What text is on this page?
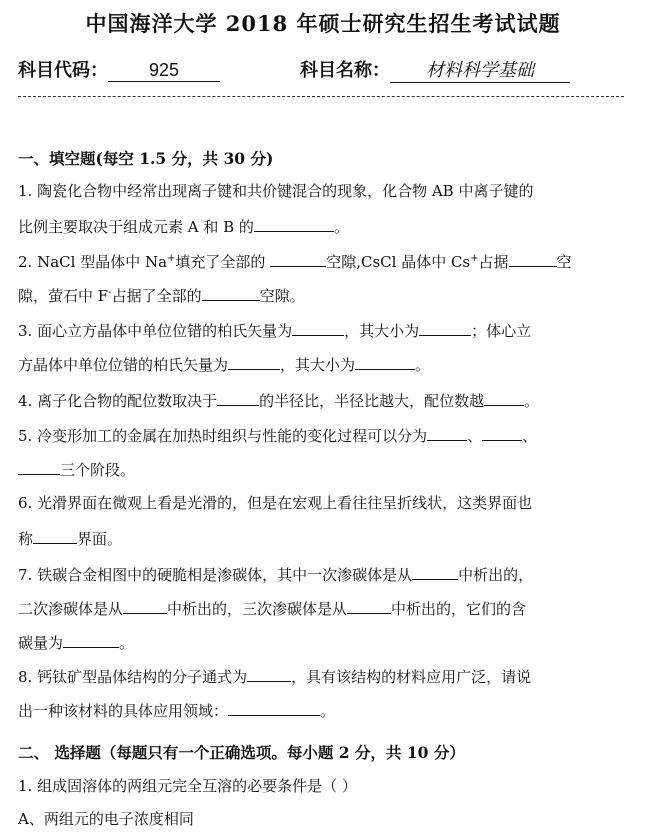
中国海洋大学 2018 年硕士研究生招生考试试题
科目代码： 925	科目名称： 材料科学基础
一、填空题(每空 1.5 分，共 30 分)
1. 陶瓷化合物中经常出现离子键和共价键混合的现象，化合物 AB 中离子键的
比例主要取决于组成元素 A 和 B 的	。
2. NaCl 型晶体中 Na+填充了全部的	空隙,CsCl 晶体中 Cs+占据	空
隙，萤石中 F-占据了全部的	空隙。
3. 面心立方晶体中单位位错的柏氏矢量为	，其大小为	；体心立
方晶体中单位位错的柏氏矢量为	，其大小为	。
4. 离子化合物的配位数取决于	的半径比，半径比越大，配位数越	。
5. 冷变形加工的金属在加热时组织与性能的变化过程可以分为	、	、
三个阶段。
6. 光滑界面在微观上看是光滑的，但是在宏观上看往往呈折线状，这类界面也
称	界面。
7. 铁碳合金相图中的硬脆相是渗碳体，其中一次渗碳体是从	中析出的，
二次渗碳体是从	中析出的，三次渗碳体是从	中析出的，它们的含
碳量为	。
8. 钙钛矿型晶体结构的分子通式为	，具有该结构的材料应用广泛，请说
出一种该材料的具体应用领域：	。
二、 选择题（每题只有一个正确选项。每小题 2 分，共 10 分）
1. 组成固溶体的两组元完全互溶的必要条件是（ ）
A、两组元的电子浓度相同
